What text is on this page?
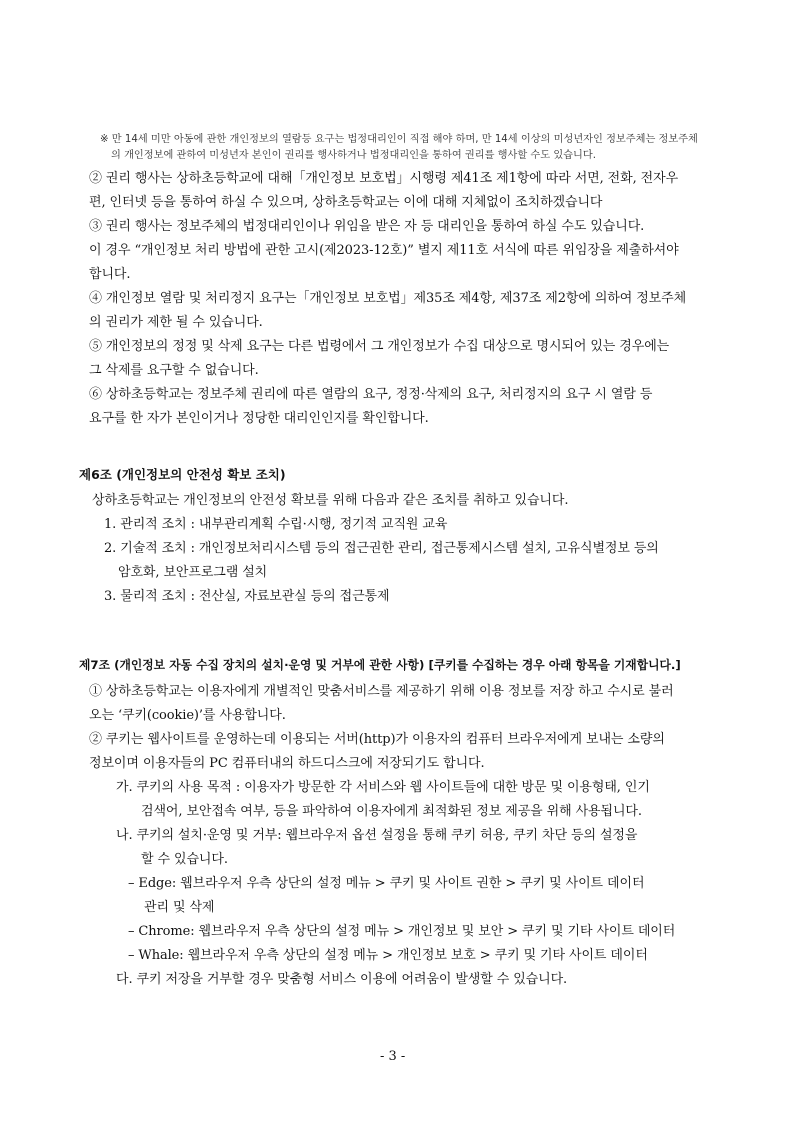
※ 만 14세 미만 아동에 관한 개인정보의 열람등 요구는 법정대리인이 직접 해야 하며, 만 14세 이상의 미성년자인 정보주체는 정보주체
의 개인정보에 관하여 미성년자 본인이 권리를 행사하거나 법정대리인을 통하여 권리를 행사할 수도 있습니다.
② 권리 행사는 상하초등학교에 대해「개인정보 보호법」시행령 제41조 제1항에 따라 서면, 전화, 전자우
편, 인터넷 등을 통하여 하실 수 있으며, 상하초등학교는 이에 대해 지체없이 조치하겠습니다
③ 권리 행사는 정보주체의 법정대리인이나 위임을 받은 자 등 대리인을 통하여 하실 수도 있습니다.
이 경우 “개인정보 처리 방법에 관한 고시(제2023-12호)” 별지 제11호 서식에 따른 위임장을 제출하셔야
합니다.
④ 개인정보 열람 및 처리정지 요구는「개인정보 보호법」제35조 제4항, 제37조 제2항에 의하여 정보주체
의 권리가 제한 될 수 있습니다.
⑤ 개인정보의 정정 및 삭제 요구는 다른 법령에서 그 개인정보가 수집 대상으로 명시되어 있는 경우에는
그 삭제를 요구할 수 없습니다.
⑥ 상하초등학교는 정보주체 권리에 따른 열람의 요구, 정정·삭제의 요구, 처리정지의 요구 시 열람 등
요구를 한 자가 본인이거나 정당한 대리인인지를 확인합니다.
제6조 (개인정보의 안전성 확보 조치)
상하초등학교는 개인정보의 안전성 확보를 위해 다음과 같은 조치를 취하고 있습니다.
1. 관리적 조치 : 내부관리계획 수립·시행, 정기적 교직원 교육
2. 기술적 조치 : 개인정보처리시스템 등의 접근권한 관리, 접근통제시스템 설치, 고유식별정보 등의
암호화, 보안프로그램 설치
3. 물리적 조치 : 전산실, 자료보관실 등의 접근통제
제7조 (개인정보 자동 수집 장치의 설치·운영 및 거부에 관한 사항) [쿠키를 수집하는 경우 아래 항목을 기재합니다.]
① 상하초등학교는 이용자에게 개별적인 맞춤서비스를 제공하기 위해 이용 정보를 저장 하고 수시로 불러
오는 ‘쿠키(cookie)’를 사용합니다.
② 쿠키는 웹사이트를 운영하는데 이용되는 서버(http)가 이용자의 컴퓨터 브라우저에게 보내는 소량의
정보이며 이용자들의 PC 컴퓨터내의 하드디스크에 저장되기도 합니다.
가. 쿠키의 사용 목적 : 이용자가 방문한 각 서비스와 웹 사이트들에 대한 방문 및 이용형태, 인기
검색어, 보안접속 여부, 등을 파악하여 이용자에게 최적화된 정보 제공을 위해 사용됩니다.
나. 쿠키의 설치·운영 및 거부: 웹브라우저 옵션 설정을 통해 쿠키 허용, 쿠키 차단 등의 설정을
할 수 있습니다.
– Edge: 웹브라우저 우측 상단의 설정 메뉴 > 쿠키 및 사이트 권한 > 쿠키 및 사이트 데이터
관리 및 삭제
– Chrome: 웹브라우저 우측 상단의 설정 메뉴 > 개인정보 및 보안 > 쿠키 및 기타 사이트 데이터
– Whale: 웹브라우저 우측 상단의 설정 메뉴 > 개인정보 보호 > 쿠키 및 기타 사이트 데이터
다. 쿠키 저장을 거부할 경우 맞춤형 서비스 이용에 어려움이 발생할 수 있습니다.
- 3 -
